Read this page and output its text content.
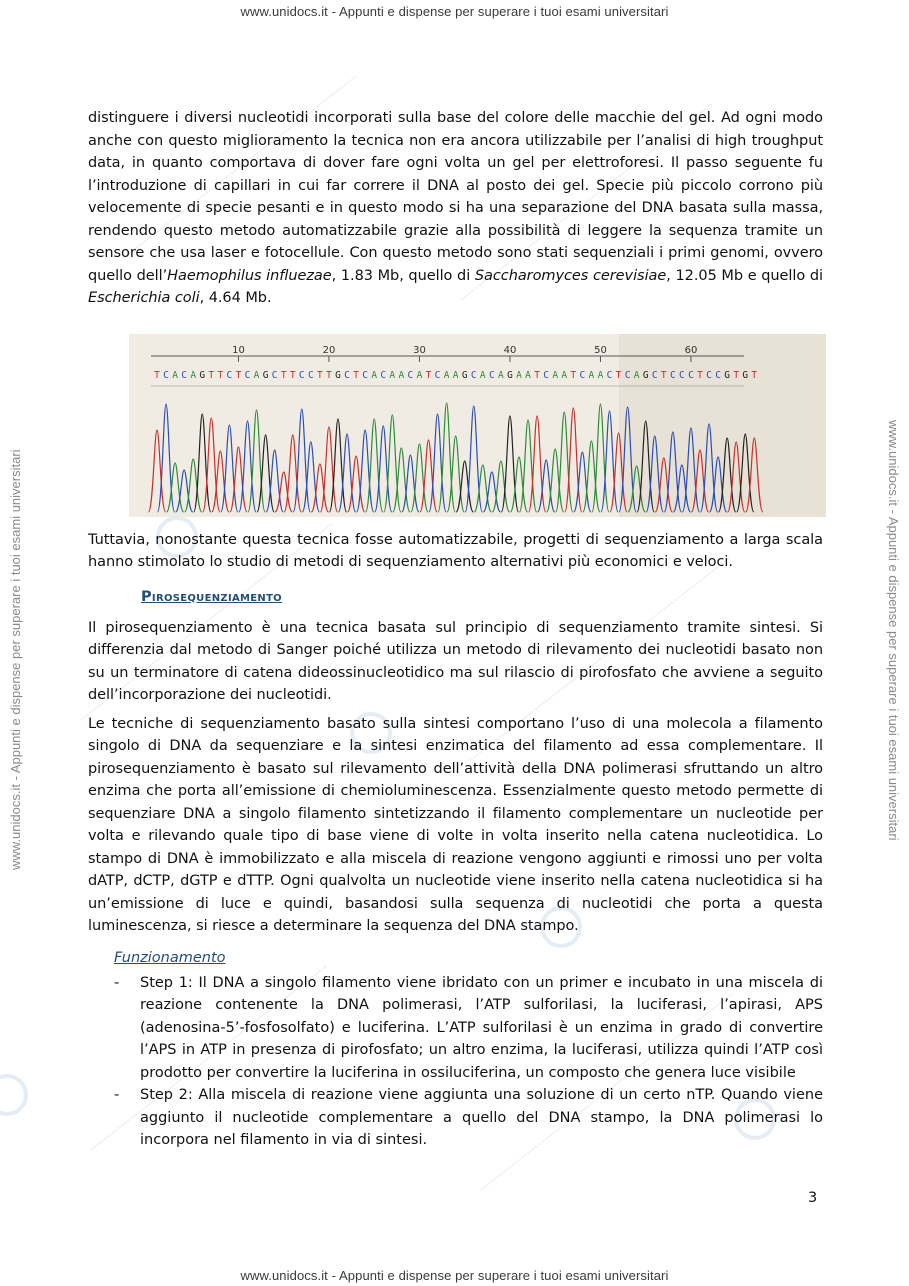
www.unidocs.it - Appunti e dispense per superare i tuoi esami universitari
www.unidocs.it - Appunti e dispense per superare i tuoi esami universitari	www.unidocs.it - Appunti e dispense per superare i tuoi esami universitari

distinguere i diversi nucleotidi incorporati sulla base del colore delle macchie del gel. Ad ogni modo anche con questo miglioramento la tecnica non era ancora utilizzabile per l’analisi di high troughput data, in quanto comportava di dover fare ogni volta un gel per elettroforesi. Il passo seguente fu l’introduzione di capillari in cui far correre il DNA al posto dei gel. Specie più piccolo corrono più velocemente di specie pesanti e in questo modo si ha una separazione del DNA basata sulla massa, rendendo questo metodo automatizzabile grazie alla possibilità di leggere la sequenza tramite un sensore che usa laser e fotocellule. Con questo metodo sono stati sequenziali i primi genomi, ovvero quello dell’Haemophilus influezae, 1.83 Mb, quello di Saccharomyces cerevisiae, 12.05 Mb e quello di Escherichia coli, 4.64 Mb.

10	20	30	40	50	60
T C A C A G T T C T C A G C T T C C T T G C T C A C A A C A T C A A G C A C A G A A T C A A T C A A C T C A G C T C C C T C C G T G T

Tuttavia, nonostante questa tecnica fosse automatizzabile, progetti di sequenziamento a larga scala hanno stimolato lo studio di metodi di sequenziamento alternativi più economici e veloci.

Pirosequenziamento

Il pirosequenziamento è una tecnica basata sul principio di sequenziamento tramite sintesi. Si differenzia dal metodo di Sanger poiché utilizza un metodo di rilevamento dei nucleotidi basato non su un terminatore di catena dideossinucleotidico ma sul rilascio di pirofosfato che avviene a seguito dell’incorporazione dei nucleotidi.

Le tecniche di sequenziamento basato sulla sintesi comportano l’uso di una molecola a filamento singolo di DNA da sequenziare e la sintesi enzimatica del filamento ad essa complementare. Il pirosequenziamento è basato sul rilevamento dell’attività della DNA polimerasi sfruttando un altro enzima che porta all’emissione di chemioluminescenza. Essenzialmente questo metodo permette di sequenziare DNA a singolo filamento sintetizzando il filamento complementare un nucleotide per volta e rilevando quale tipo di base viene di volte in volta inserito nella catena nucleotidica. Lo stampo di DNA è immobilizzato e alla miscela di reazione vengono aggiunti e rimossi uno per volta dATP, dCTP, dGTP e dTTP. Ogni qualvolta un nucleotide viene inserito nella catena nucleotidica si ha un’emissione di luce e quindi, basandosi sulla sequenza di nucleotidi che porta a questa luminescenza, si riesce a determinare la sequenza del DNA stampo.

Funzionamento
- Step 1: Il DNA a singolo filamento viene ibridato con un primer e incubato in una miscela di reazione contenente la DNA polimerasi, l’ATP sulforilasi, la luciferasi, l’apirasi, APS (adenosina-5’-fosfosolfato) e luciferina. L’ATP sulforilasi è un enzima in grado di convertire l’APS in ATP in presenza di pirofosfato; un altro enzima, la luciferasi, utilizza quindi l’ATP così prodotto per convertire la luciferina in ossiluciferina, un composto che genera luce visibile
- Step 2: Alla miscela di reazione viene aggiunta una soluzione di un certo nTP. Quando viene aggiunto il nucleotide complementare a quello del DNA stampo, la DNA polimerasi lo incorpora nel filamento in via di sintesi.
3
www.unidocs.it - Appunti e dispense per superare i tuoi esami universitari
